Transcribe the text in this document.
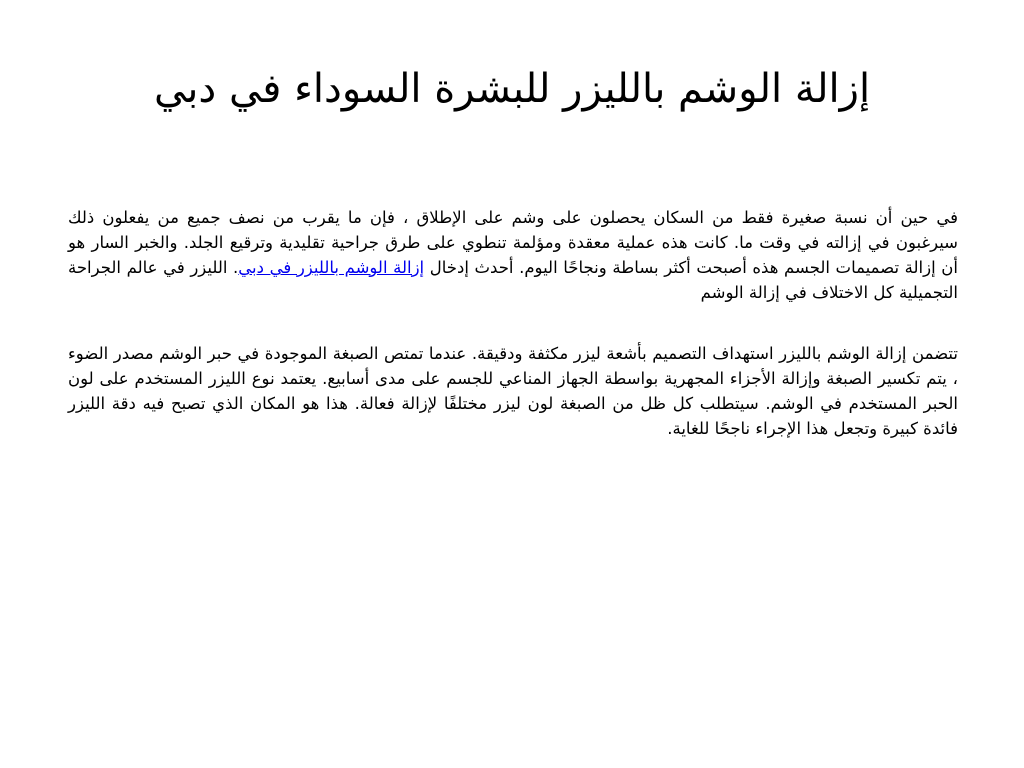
إزالة الوشم بالليزر للبشرة السوداء في دبي

في حين أن نسبة صغيرة فقط من السكان يحصلون على وشم على الإطلاق ، فإن ما يقرب من نصف جميع من يفعلون ذلك سيرغبون في إزالته في وقت ما. كانت هذه عملية معقدة ومؤلمة تنطوي على طرق جراحية تقليدية وترقيع الجلد. والخبر السار هو أن إزالة تصميمات الجسم هذه أصبحت أكثر بساطة ونجاحًا اليوم. أحدث إدخال إزالة الوشم بالليزر في دبي. الليزر في عالم الجراحة التجميلية كل الاختلاف في إزالة الوشم

تتضمن إزالة الوشم بالليزر استهداف التصميم بأشعة ليزر مكثفة ودقيقة. عندما تمتص الصبغة الموجودة في حبر الوشم مصدر الضوء ، يتم تكسير الصبغة وإزالة الأجزاء المجهرية بواسطة الجهاز المناعي للجسم على مدى أسابيع. يعتمد نوع الليزر المستخدم على لون الحبر المستخدم في الوشم. سيتطلب كل ظل من الصبغة لون ليزر مختلفًا لإزالة فعالة. هذا هو المكان الذي تصبح فيه دقة الليزر فائدة كبيرة وتجعل هذا الإجراء ناجحًا للغاية.
